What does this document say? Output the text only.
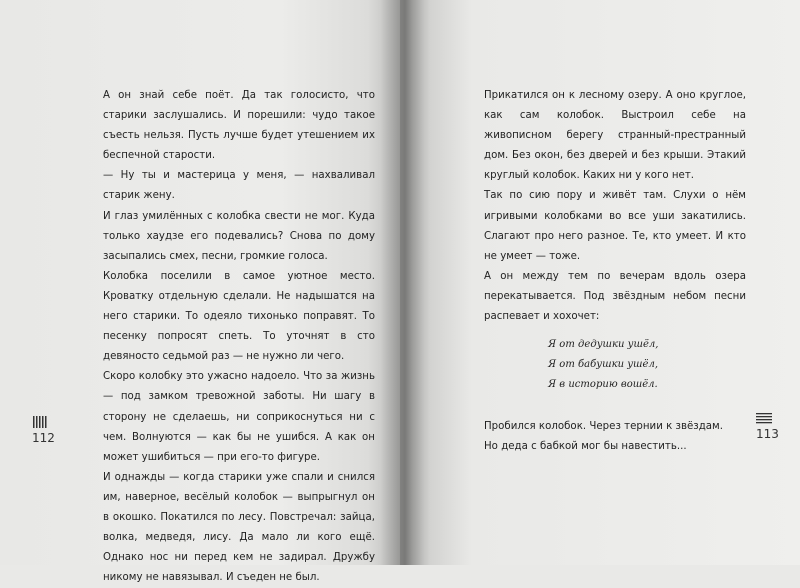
А он знай себе поёт. Да так голосисто, что старики заслушались. И порешили: чудо такое съесть нельзя. Пусть лучше будет утешением их беспечной старости.

— Ну ты и мастерица у меня, — нахваливал старик жену.

И глаз умилённых с колобка свести не мог. Куда только хаудзе его подевались? Снова по дому засыпались смех, песни, громкие голоса.

Колобка поселили в самое уютное место. Кроватку отдельную сделали. Не надышатся на него старики. То одеяло тихонько поправят. То песенку попросят спеть. То уточнят в сто девяносто седьмой раз — не нужно ли чего.

Скоро колобку это ужасно надоело. Что за жизнь — под замком тревожной заботы. Ни шагу в сторону не сделаешь, ни соприкоснуться ни с чем. Волнуются — как бы не ушибся. А как он может ушибиться — при его-то фигуре.

И однажды — когда старики уже спали и снился им, наверное, весёлый колобок — выпрыгнул он в окошко. Покатился по лесу. Повстречал: зайца, волка, медведя, лису. Да мало ли кого ещё. Однако нос ни перед кем не задирал. Дружбу никому не навязывал. И съеден не был.

112

Прикатился он к лесному озеру. А оно круглое, как сам колобок. Выстроил себе на живописном берегу странный-престранный дом. Без окон, без дверей и без крыши. Этакий круглый колобок. Каких ни у кого нет.

Так по сию пору и живёт там. Слухи о нём игривыми колобками во все уши закатились. Слагают про него разное. Те, кто умеет. И кто не умеет — тоже.

А он между тем по вечерам вдоль озера перекатывается. Под звёздным небом песни распевает и хохочет:

Я от дедушки ушёл,
Я от бабушки ушёл,
Я в историю вошёл.

Пробился колобок. Через тернии к звёздам.

Но деда с бабкой мог бы навестить...

113
